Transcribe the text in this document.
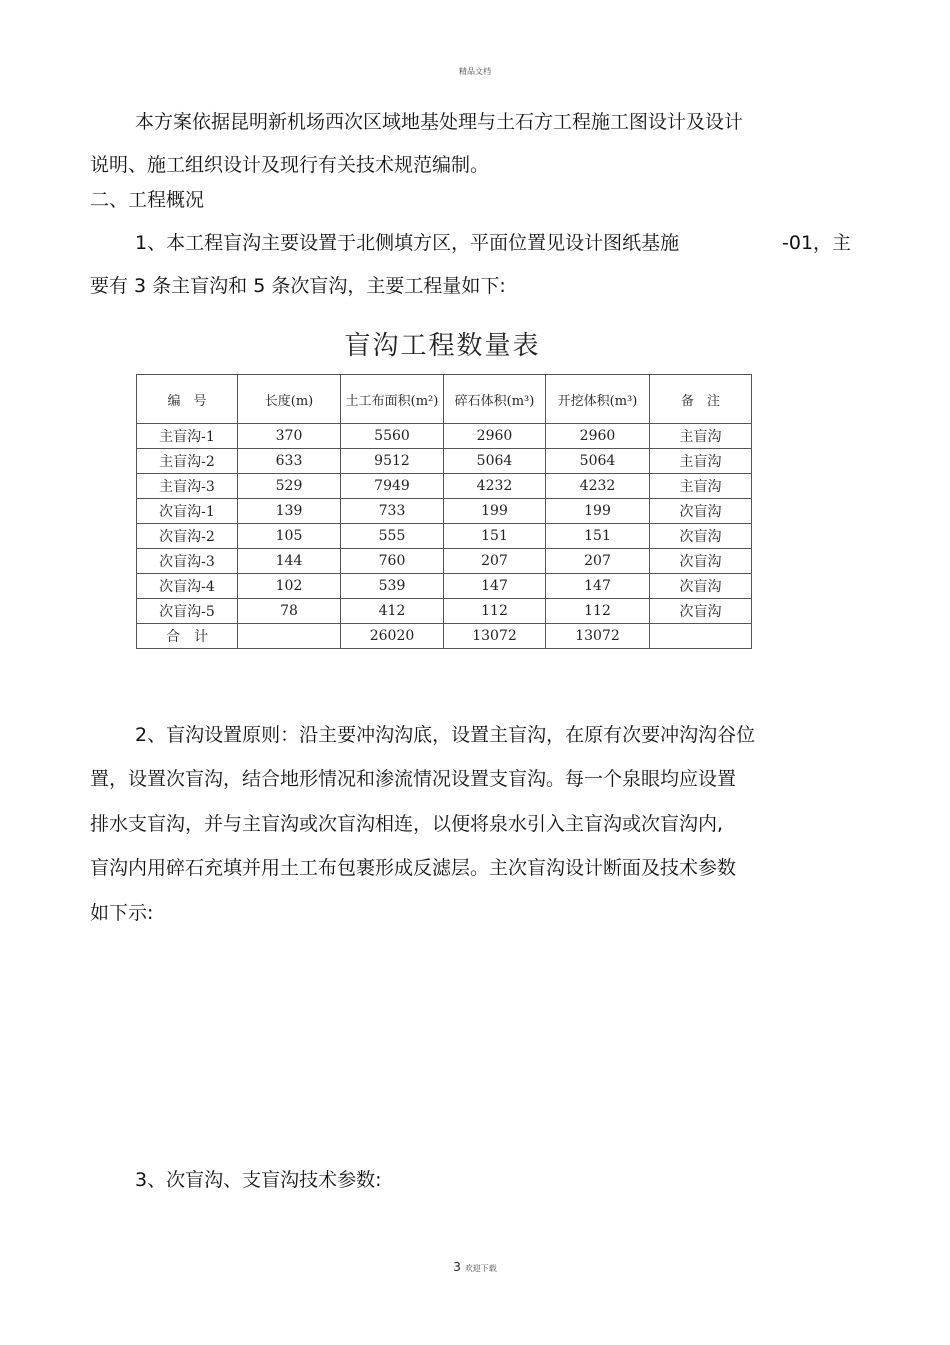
精品文档
本方案依据昆明新机场西次区域地基处理与土石方工程施工图设计及设计
说明、施工组织设计及现行有关技术规范编制。
二、工程概况
1、本工程盲沟主要设置于北侧填方区，平面位置见设计图纸基施	-01，主
要有 3 条主盲沟和 5 条次盲沟，主要工程量如下:
盲沟工程数量表
编　号	长度(m)	土工布面积(m²)	碎石体积(m³)	开挖体积(m³)	备　注
主盲沟-1	370	5560	2960	2960	主盲沟
主盲沟-2	633	9512	5064	5064	主盲沟
主盲沟-3	529	7949	4232	4232	主盲沟
次盲沟-1	139	733	199	199	次盲沟
次盲沟-2	105	555	151	151	次盲沟
次盲沟-3	144	760	207	207	次盲沟
次盲沟-4	102	539	147	147	次盲沟
次盲沟-5	78	412	112	112	次盲沟
合　计		26020	13072	13072	
2、盲沟设置原则：沿主要冲沟沟底，设置主盲沟，在原有次要冲沟沟谷位
置，设置次盲沟，结合地形情况和渗流情况设置支盲沟。每一个泉眼均应设置
排水支盲沟，并与主盲沟或次盲沟相连，以便将泉水引入主盲沟或次盲沟内,
盲沟内用碎石充填并用土工布包裹形成反滤层。主次盲沟设计断面及技术参数
如下示:
3、次盲沟、支盲沟技术参数:
3 欢迎下载
